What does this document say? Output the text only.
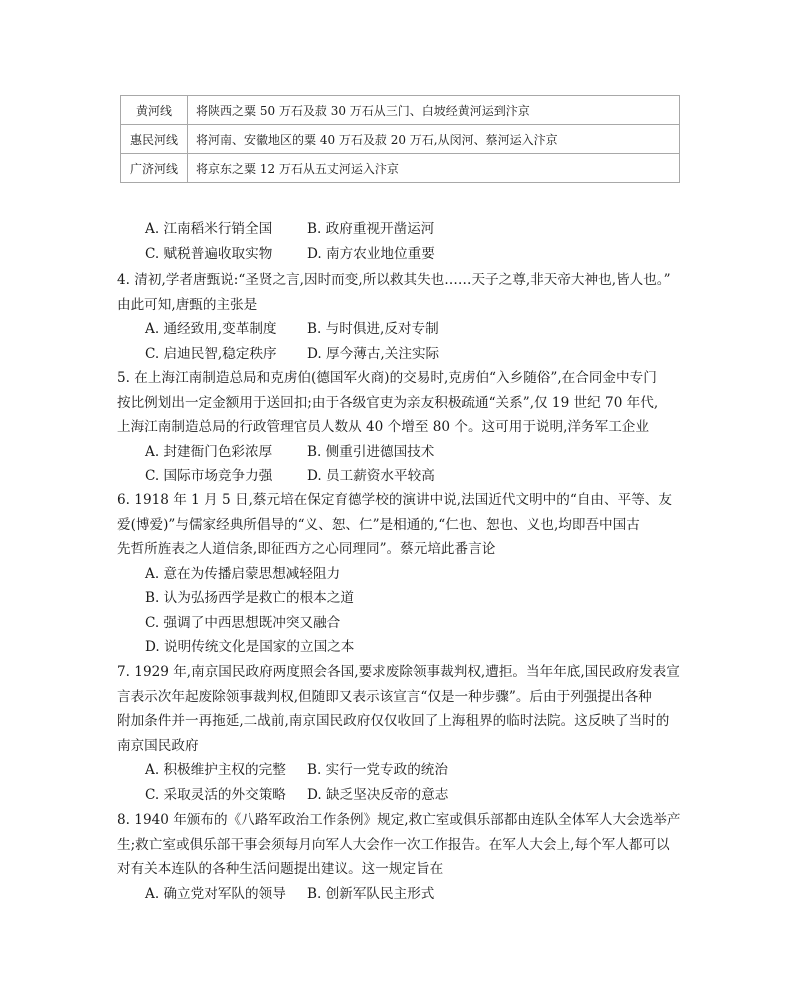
黄河线	将陕西之粟 50 万石及菽 30 万石从三门、白坡经黄河运到汴京
惠民河线	将河南、安徽地区的粟 40 万石及菽 20 万石,从闵河、蔡河运入汴京
广济河线	将京东之粟 12 万石从五丈河运入汴京
A. 江南稻米行销全国	B. 政府重视开凿运河
C. 赋税普遍收取实物	D. 南方农业地位重要
4. 清初,学者唐甄说:“圣贤之言,因时而变,所以救其失也……天子之尊,非天帝大神也,皆人也。”
由此可知,唐甄的主张是
A. 通经致用,变革制度	B. 与时俱进,反对专制
C. 启迪民智,稳定秩序	D. 厚今薄古,关注实际
5. 在上海江南制造总局和克虏伯(德国军火商)的交易时,克虏伯“入乡随俗”,在合同金中专门
按比例划出一定金额用于送回扣;由于各级官吏为亲友积极疏通“关系”,仅 19 世纪 70 年代,
上海江南制造总局的行政管理官员人数从 40 个增至 80 个。这可用于说明,洋务军工企业
A. 封建衙门色彩浓厚	B. 侧重引进德国技术
C. 国际市场竞争力强	D. 员工薪资水平较高
6. 1918 年 1 月 5 日,蔡元培在保定育德学校的演讲中说,法国近代文明中的“自由、平等、友
爱(博爱)”与儒家经典所倡导的“义、恕、仁”是相通的,“仁也、恕也、义也,均即吾中国古
先哲所旌表之人道信条,即征西方之心同理同”。蔡元培此番言论
A. 意在为传播启蒙思想减轻阻力
B. 认为弘扬西学是救亡的根本之道
C. 强调了中西思想既冲突又融合
D. 说明传统文化是国家的立国之本
7. 1929 年,南京国民政府两度照会各国,要求废除领事裁判权,遭拒。当年年底,国民政府发表宣
言表示次年起废除领事裁判权,但随即又表示该宣言“仅是一种步骤”。后由于列强提出各种
附加条件并一再拖延,二战前,南京国民政府仅仅收回了上海租界的临时法院。这反映了当时的
南京国民政府
A. 积极维护主权的完整	B. 实行一党专政的统治
C. 采取灵活的外交策略	D. 缺乏坚决反帝的意志
8. 1940 年颁布的《八路军政治工作条例》规定,救亡室或俱乐部都由连队全体军人大会选举产
生;救亡室或俱乐部干事会须每月向军人大会作一次工作报告。在军人大会上,每个军人都可以
对有关本连队的各种生活问题提出建议。这一规定旨在
A. 确立党对军队的领导	B. 创新军队民主形式
